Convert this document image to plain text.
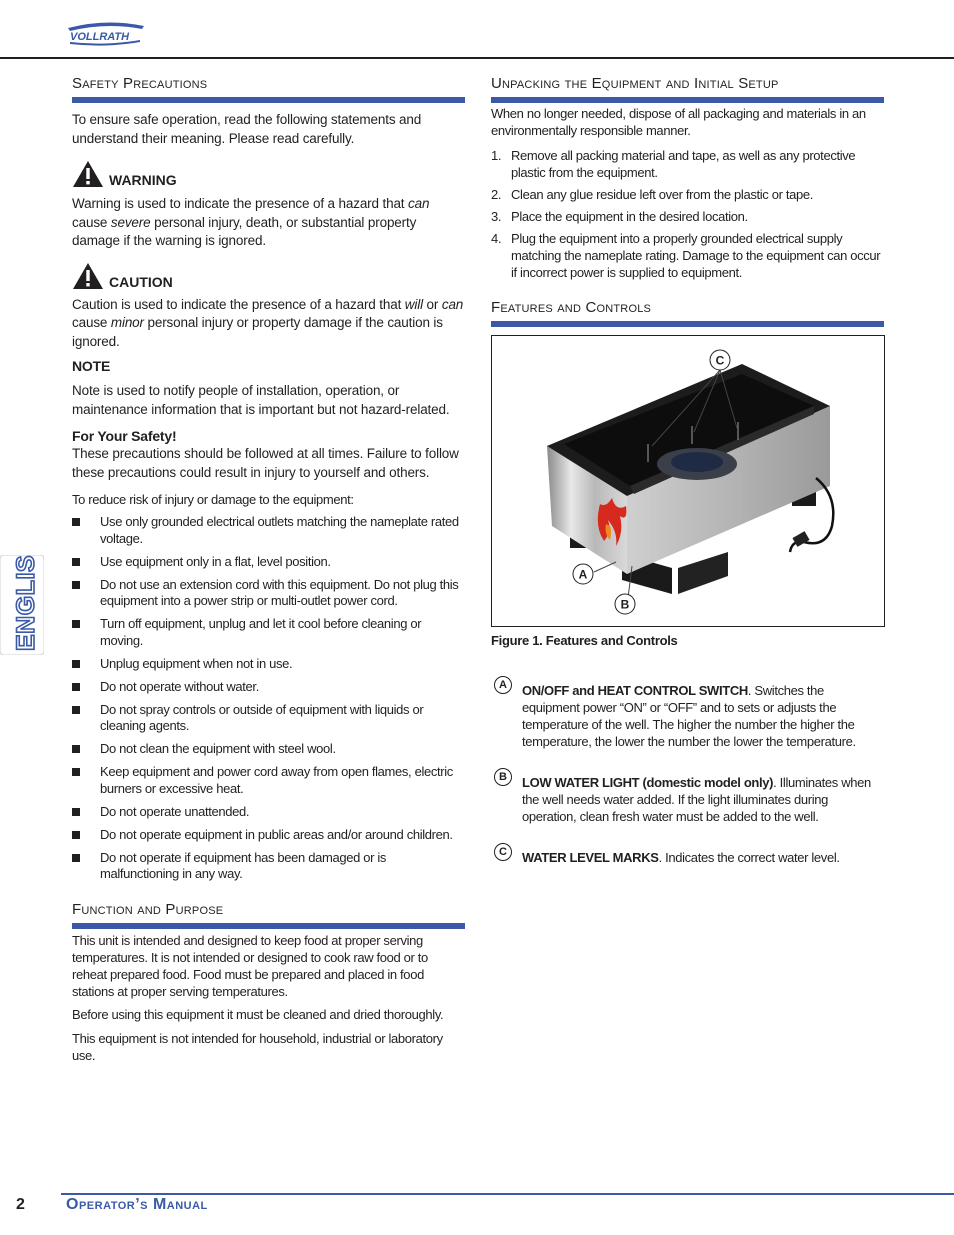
VOLLRATH
ENGLISH
Safety Precautions

To ensure safe operation, read the following statements and understand their meaning. Please read carefully.

WARNING

Warning is used to indicate the presence of a hazard that can cause severe personal injury, death, or substantial property damage if the warning is ignored.

CAUTION

Caution is used to indicate the presence of a hazard that will or can cause minor personal injury or property damage if the caution is ignored.

NOTE

Note is used to notify people of installation, operation, or maintenance information that is important but not hazard-related.

For Your Safety!

These precautions should be followed at all times. Failure to follow these precautions could result in injury to yourself and others.

To reduce risk of injury or damage to the equipment:

Use only grounded electrical outlets matching the nameplate rated voltage.
Use equipment only in a flat, level position.
Do not use an extension cord with this equipment. Do not plug this equipment into a power strip or multi-outlet power cord.
Turn off equipment, unplug and let it cool before cleaning or moving.
Unplug equipment when not in use.
Do not operate without water.
Do not spray controls or outside of equipment with liquids or cleaning agents.
Do not clean the equipment with steel wool.
Keep equipment and power cord away from open flames, electric burners or excessive heat.
Do not operate unattended.
Do not operate equipment in public areas and/or around children.
Do not operate if equipment has been damaged or is malfunctioning in any way.
Function and Purpose

This unit is intended and designed to keep food at proper serving temperatures. It is not intended or designed to cook raw food or to reheat prepared food. Food must be prepared and placed in food stations at proper serving temperatures.

Before using this equipment it must be cleaned and dried thoroughly.

This equipment is not intended for household, industrial or laboratory use.

Unpacking the Equipment and Initial Setup

When no longer needed, dispose of all packaging and materials in an environmentally responsible manner.

1. Remove all packing material and tape, as well as any protective plastic from the equipment.
2. Clean any glue residue left over from the plastic or tape.
3. Place the equipment in the desired location.
4. Plug the equipment into a properly grounded electrical supply matching the nameplate rating. Damage to the equipment can occur if incorrect power is supplied to equipment.
Features and Controls
C
A
B
Figure 1. Features and Controls
A	ON/OFF and HEAT CONTROL SWITCH. Switches the equipment power “ON” or “OFF” and to sets or adjusts the temperature of the well. The higher the number the higher the temperature, the lower the number the lower the temperature.
B	LOW WATER LIGHT (domestic model only). Illuminates when the well needs water added. If the light illuminates during operation, clean fresh water must be added to the well.
C	WATER LEVEL MARKS. Indicates the correct water level.
2	Operator’s Manual
